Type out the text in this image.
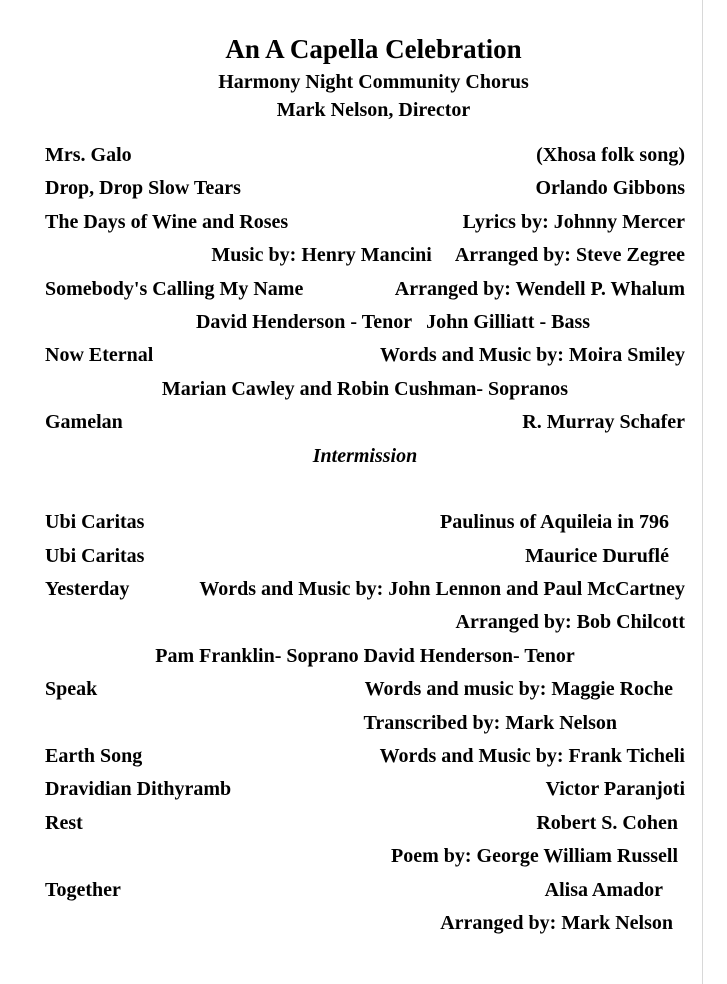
An A Capella Celebration
Harmony Night Community Chorus
Mark Nelson, Director
Mrs. Galo	(Xhosa folk song)
Drop, Drop Slow Tears	Orlando Gibbons
The Days of Wine and Roses	Lyrics by: Johnny Mercer
Music by: Henry Mancini Arranged by: Steve Zegree
Somebody's Calling My Name	Arranged by: Wendell P. Whalum
David Henderson - Tenor John Gilliatt - Bass
Now Eternal	Words and Music by: Moira Smiley
Marian Cawley and Robin Cushman- Sopranos
Gamelan	R. Murray Schafer
Intermission
Ubi Caritas	Paulinus of Aquileia in 796
Ubi Caritas	Maurice Duruflé
Yesterday	Words and Music by: John Lennon and Paul McCartney
Arranged by: Bob Chilcott
Pam Franklin- Soprano David Henderson- Tenor
Speak	Words and music by: Maggie Roche
Transcribed by: Mark Nelson
Earth Song	Words and Music by: Frank Ticheli
Dravidian Dithyramb	Victor Paranjoti
Rest	Robert S. Cohen
Poem by: George William Russell
Together	Alisa Amador
Arranged by: Mark Nelson
